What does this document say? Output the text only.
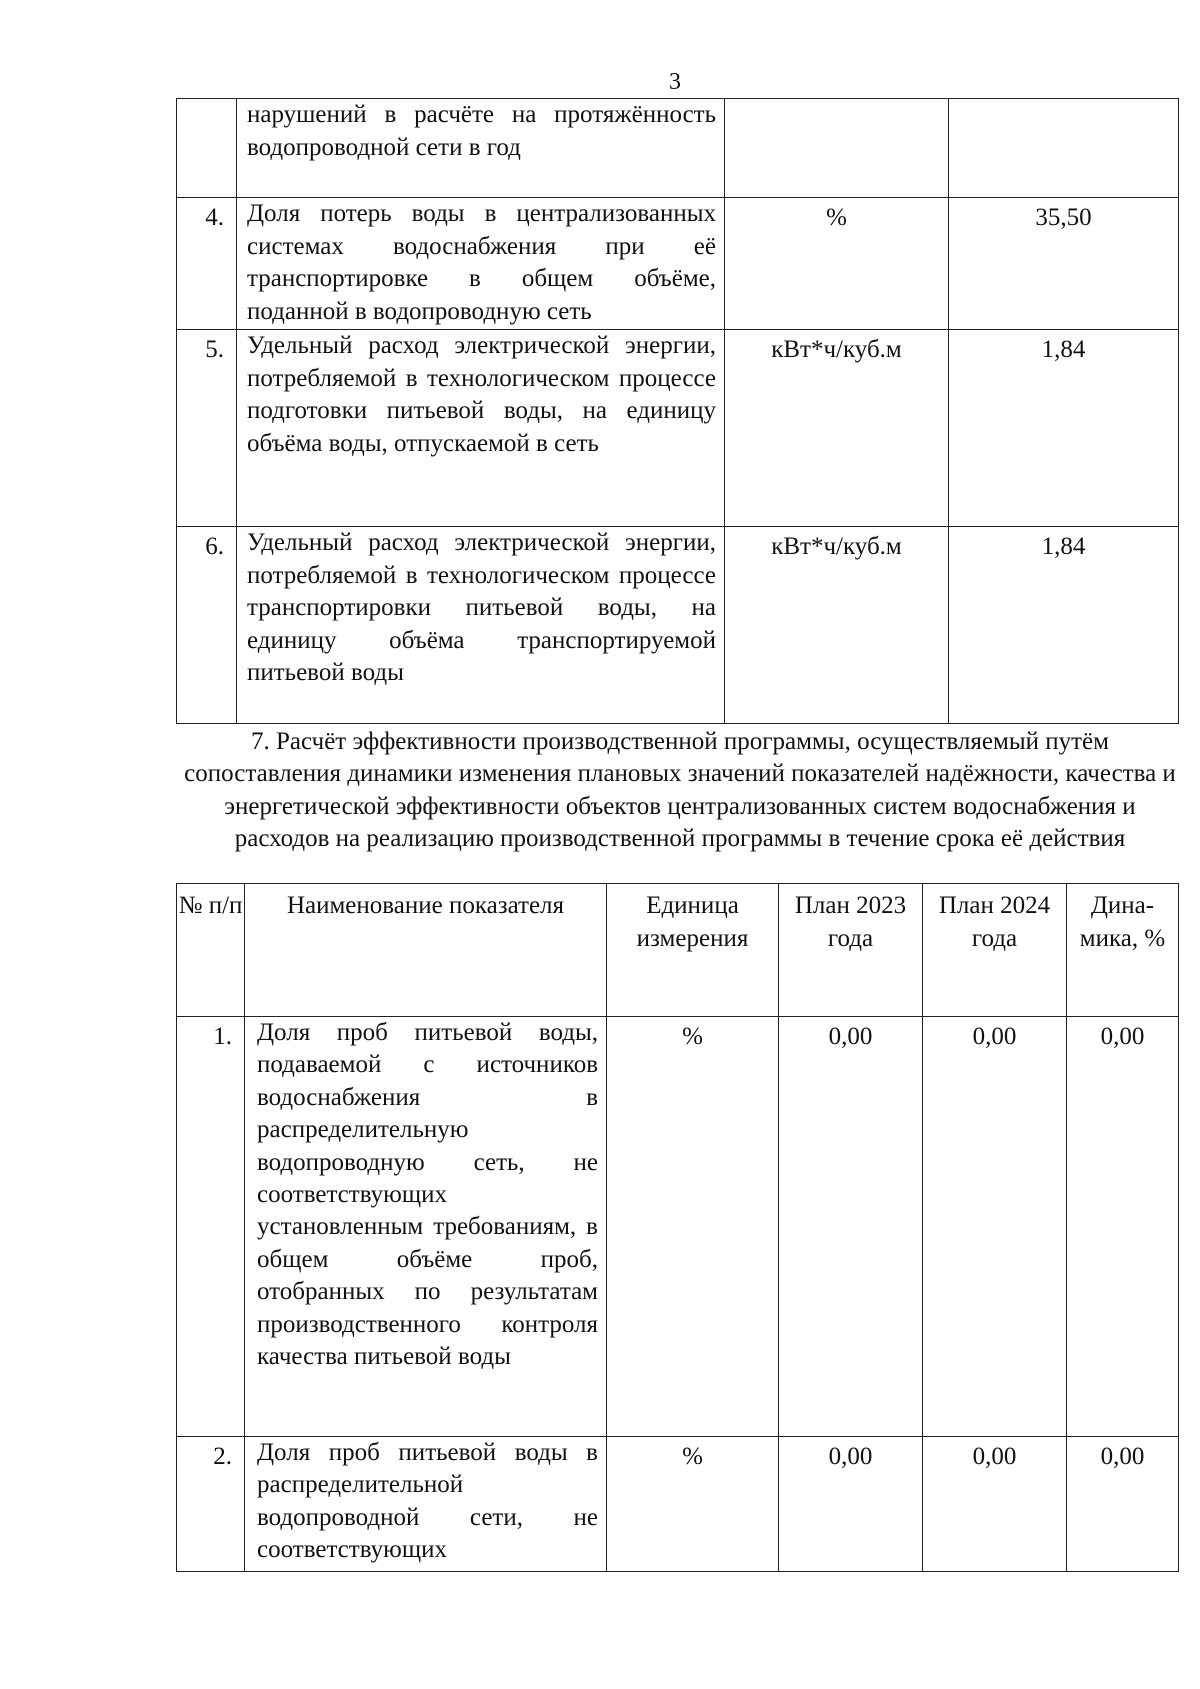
3
	нарушений в расчёте на протяжённость водопроводной сети в год		
4.	Доля потерь воды в централизованных системах водоснабжения при её транспортировке в общем объёме, поданной в водопроводную сеть	%	35,50
5.	Удельный расход электрической энергии, потребляемой в технологическом процессе подготовки питьевой воды, на единицу объёма воды, отпускаемой в сеть	кВт*ч/куб.м	1,84
6.	Удельный расход электрической энергии, потребляемой в технологическом процессе транспортировки питьевой воды, на единицу объёма транспортируемой питьевой воды	кВт*ч/куб.м	1,84
7. Расчёт эффективности производственной программы, осуществляемый путём сопоставления динамики изменения плановых значений показателей надёжности, качества и энергетической эффективности объектов централизованных систем водоснабжения и расходов на реализацию производственной программы в течение срока её действия
№ п/п	Наименование показателя	Единица измерения	План 2023 года	План 2024 года	Дина-мика, %
1.	Доля проб питьевой воды, подаваемой с источников водоснабжения в распределительную водопроводную сеть, не соответствующих установленным требованиям, в общем объёме проб, отобранных по результатам производственного контроля качества питьевой воды	%	0,00	0,00	0,00
2.	Доля проб питьевой воды в распределительной водопроводной сети, не соответствующих	%	0,00	0,00	0,00
